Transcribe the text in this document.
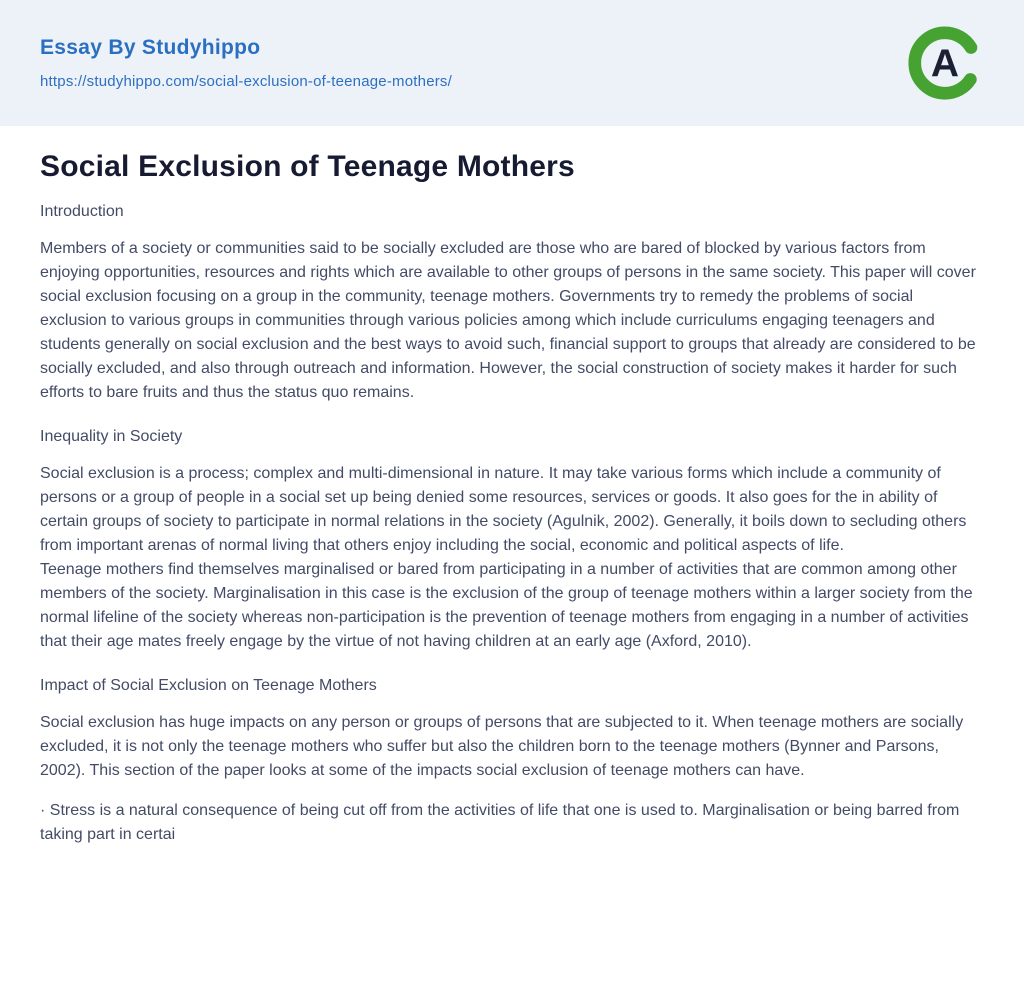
Essay By Studyhippo
https://studyhippo.com/social-exclusion-of-teenage-mothers/	A
Social Exclusion of Teenage Mothers

Introduction

Members of a society or communities said to be socially excluded are those who are bared of blocked by various factors from enjoying opportunities, resources and rights which are available to other groups of persons in the same society. This paper will cover social exclusion focusing on a group in the community, teenage mothers. Governments try to remedy the problems of social exclusion to various groups in communities through various policies among which include curriculums engaging teenagers and students generally on social exclusion and the best ways to avoid such, financial support to groups that already are considered to be socially excluded, and also through outreach and information. However, the social construction of society makes it harder for such efforts to bare fruits and thus the status quo remains.

Inequality in Society

Social exclusion is a process; complex and multi-dimensional in nature. It may take various forms which include a community of persons or a group of people in a social set up being denied some resources, services or goods. It also goes for the in ability of certain groups of society to participate in normal relations in the society (Agulnik, 2002). Generally, it boils down to secluding others from important arenas of normal living that others enjoy including the social, economic and political aspects of life.

Teenage mothers find themselves marginalised or bared from participating in a number of activities that are common among other members of the society. Marginalisation in this case is the exclusion of the group of teenage mothers within a larger society from the normal lifeline of the society whereas non-participation is the prevention of teenage mothers from engaging in a number of activities that their age mates freely engage by the virtue of not having children at an early age (Axford, 2010).

Impact of Social Exclusion on Teenage Mothers

Social exclusion has huge impacts on any person or groups of persons that are subjected to it. When teenage mothers are socially excluded, it is not only the teenage mothers who suffer but also the children born to the teenage mothers (Bynner and Parsons, 2002). This section of the paper looks at some of the impacts social exclusion of teenage mothers can have.

· Stress is a natural consequence of being cut off from the activities of life that one is used to. Marginalisation or being barred from taking part in certai
